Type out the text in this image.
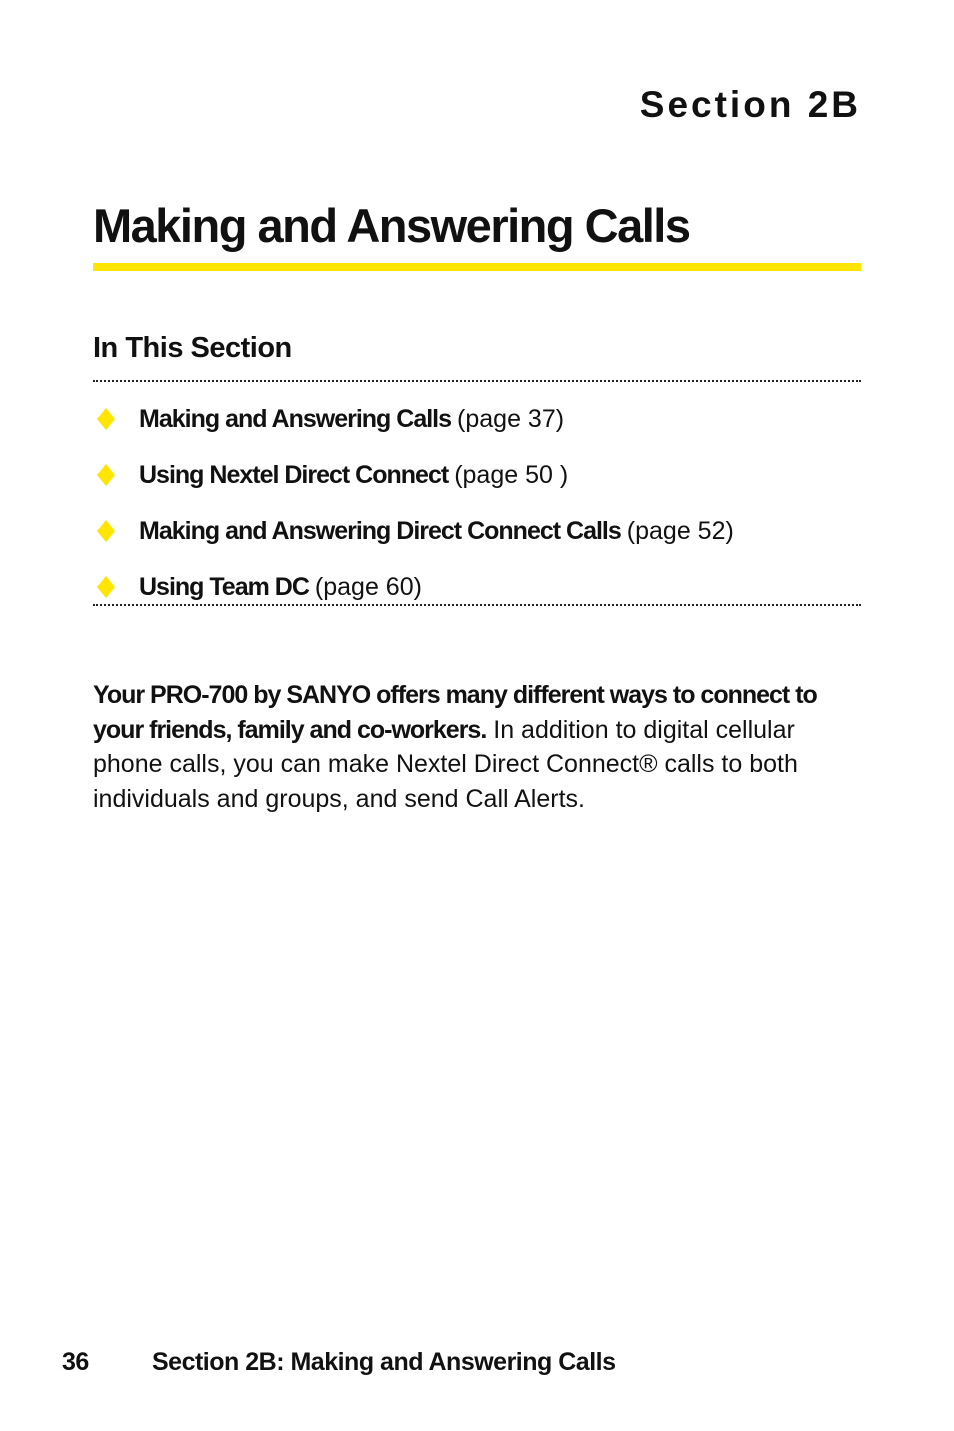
Section 2B
Making and Answering Calls
In This Section
Making and Answering Calls (page 37)
Using Nextel Direct Connect (page 50 )
Making and Answering Direct Connect Calls (page 52)
Using Team DC (page 60)

Your PRO-700 by SANYO offers many different ways to connect to your friends, family and co-workers. In addition to digital cellular phone calls, you can make Nextel Direct Connect® calls to both individuals and groups, and send Call Alerts.

36	Section 2B: Making and Answering Calls
